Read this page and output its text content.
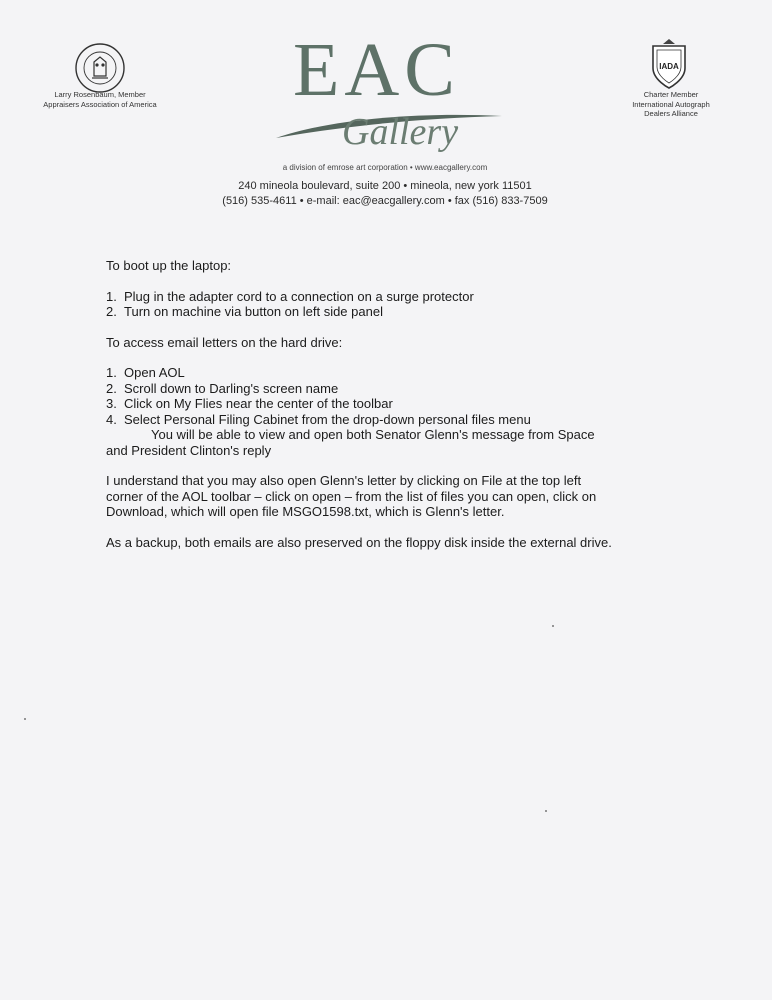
Larry Rosenbaum, Member
Appraisers Association of America	EAC
Gallery
a division of emrose art corporation • www.eacgallery.com
240 mineola boulevard, suite 200 • mineola, new york 11501
(516) 535-4611 • e-mail: eac@eacgallery.com • fax (516) 833-7509
IADA
Charter Member
International Autograph
Dealers Alliance

To boot up the laptop:

1. Plug in the adapter cord to a connection on a surge protector
2. Turn on machine via button on left side panel

To access email letters on the hard drive:

1. Open AOL
2. Scroll down to Darling's screen name
3. Click on My Flies near the center of the toolbar
4. Select Personal Filing Cabinet from the drop-down personal files menu

You will be able to view and open both Senator Glenn's message from Space

and President Clinton's reply

I understand that you may also open Glenn's letter by clicking on File at the top left

corner of the AOL toolbar – click on open – from the list of files you can open, click on

Download, which will open file MSGO1598.txt, which is Glenn's letter.

As a backup, both emails are also preserved on the floppy disk inside the external drive.
